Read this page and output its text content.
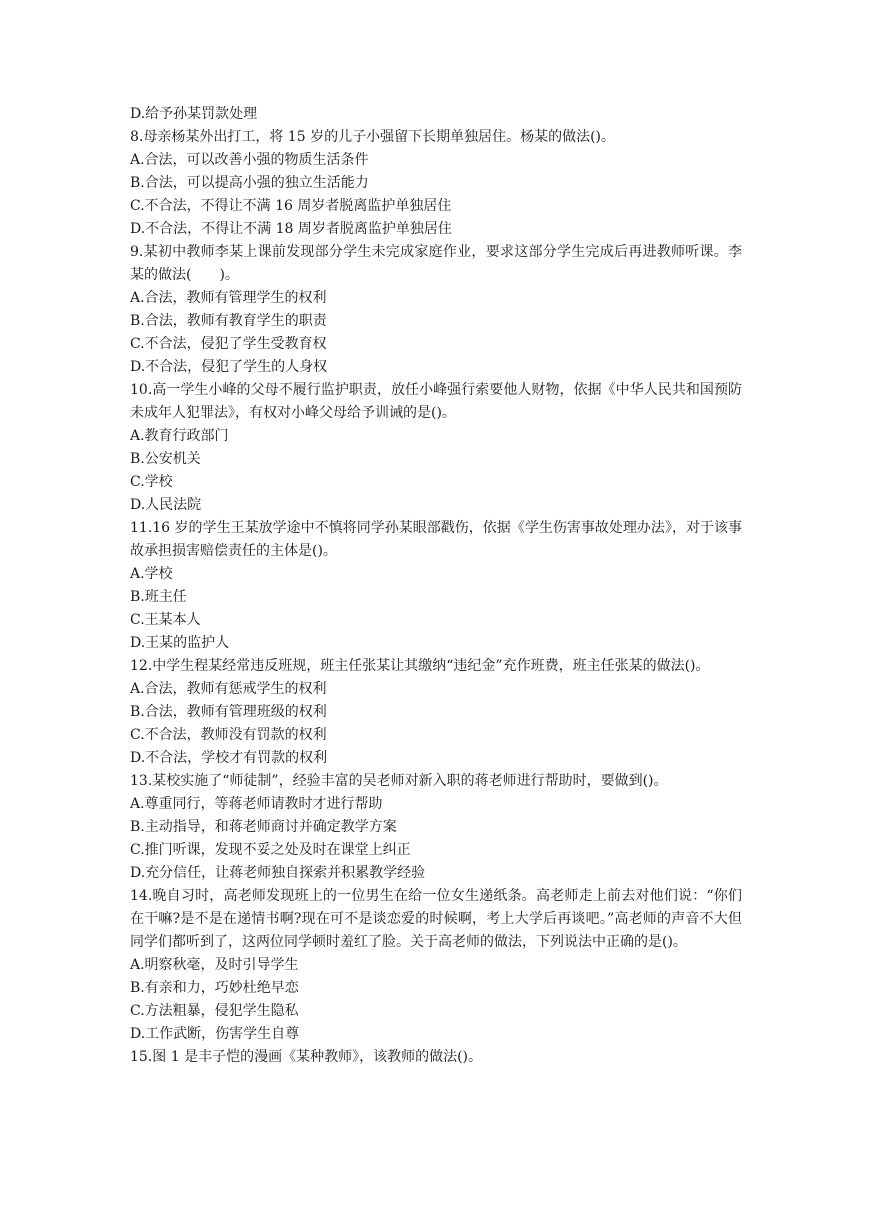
D.给予孙某罚款处理

8.母亲杨某外出打工，将 15 岁的儿子小强留下长期单独居住。杨某的做法()。

A.合法，可以改善小强的物质生活条件

B.合法，可以提高小强的独立生活能力

C.不合法，不得让不满 16 周岁者脱离监护单独居住

D.不合法，不得让不满 18 周岁者脱离监护单独居住

9.某初中教师李某上课前发现部分学生未完成家庭作业，要求这部分学生完成后再进教师听课。李某的做法(　　)。

A.合法，教师有管理学生的权利

B.合法，教师有教育学生的职责

C.不合法，侵犯了学生受教育权

D.不合法，侵犯了学生的人身权

10.高一学生小峰的父母不履行监护职责，放任小峰强行索要他人财物，依据《中华人民共和国预防未成年人犯罪法》，有权对小峰父母给予训诫的是()。

A.教育行政部门

B.公安机关

C.学校

D.人民法院

11.16 岁的学生王某放学途中不慎将同学孙某眼部戳伤，依据《学生伤害事故处理办法》，对于该事故承担损害赔偿责任的主体是()。

A.学校

B.班主任

C.王某本人

D.王某的监护人

12.中学生程某经常违反班规，班主任张某让其缴纳“违纪金”充作班费，班主任张某的做法()。

A.合法，教师有惩戒学生的权利

B.合法，教师有管理班级的权利

C.不合法，教师没有罚款的权利

D.不合法，学校才有罚款的权利

13.某校实施了“师徒制”，经验丰富的吴老师对新入职的蒋老师进行帮助时，要做到()。

A.尊重同行，等蒋老师请教时才进行帮助

B.主动指导，和蒋老师商讨并确定教学方案

C.推门听课，发现不妥之处及时在课堂上纠正

D.充分信任，让蒋老师独自探索并积累教学经验

14.晚自习时，高老师发现班上的一位男生在给一位女生递纸条。高老师走上前去对他们说：“你们在干嘛?是不是在递情书啊?现在可不是谈恋爱的时候啊，考上大学后再谈吧。”高老师的声音不大但同学们都听到了，这两位同学顿时羞红了脸。关于高老师的做法，下列说法中正确的是()。

A.明察秋毫，及时引导学生

B.有亲和力，巧妙杜绝早恋

C.方法粗暴，侵犯学生隐私

D.工作武断，伤害学生自尊

15.图 1 是丰子恺的漫画《某种教师》，该教师的做法()。
